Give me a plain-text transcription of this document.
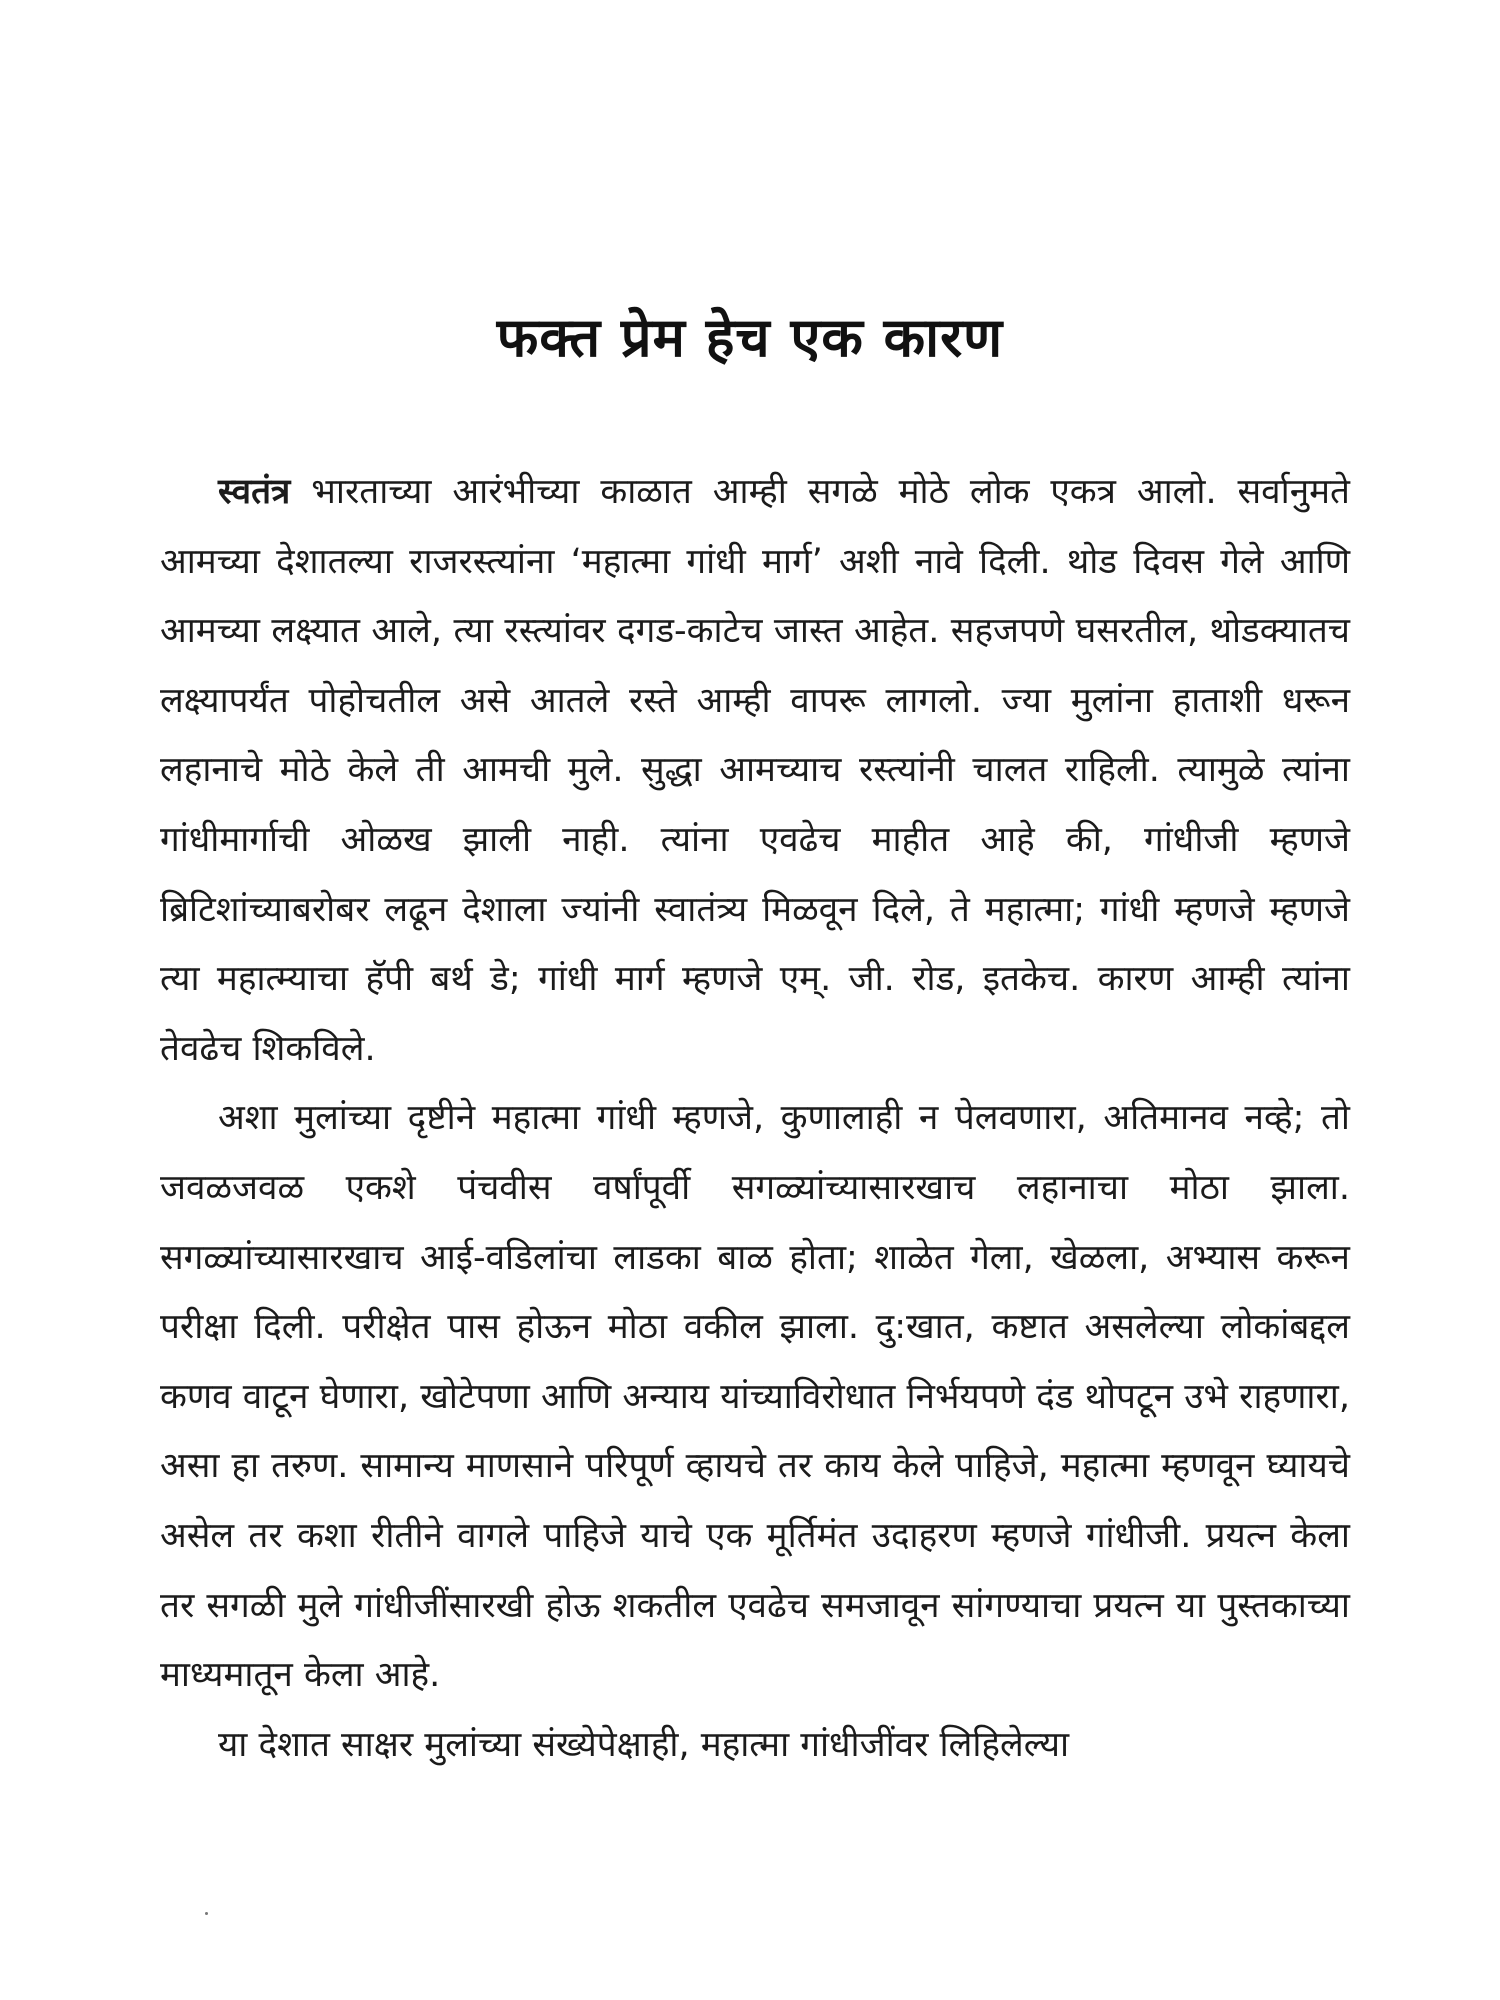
फक्त प्रेम हेच एक कारण

स्वतंत्र भारताच्या आरंभीच्या काळात आम्ही सगळे मोठे लोक एकत्र आलो. सर्वानुमते आमच्या देशातल्या राजरस्त्यांना ‘महात्मा गांधी मार्ग’ अशी नावे दिली. थोड दिवस गेले आणि आमच्या लक्ष्यात आले, त्या रस्त्यांवर दगड-काटेच जास्त आहेत. सहजपणे घसरतील, थोडक्यातच लक्ष्यापर्यंत पोहोचतील असे आतले रस्ते आम्ही वापरू लागलो. ज्या मुलांना हाताशी धरून लहानाचे मोठे केले ती आमची मुले. सुद्धा आमच्याच रस्त्यांनी चालत राहिली. त्यामुळे त्यांना गांधीमार्गाची ओळख झाली नाही. त्यांना एवढेच माहीत आहे की, गांधीजी म्हणजे ब्रिटिशांच्याबरोबर लढून देशाला ज्यांनी स्वातंत्र्य मिळवून दिले, ते महात्मा; गांधी म्हणजे म्हणजे त्या महात्म्याचा हॅपी बर्थ डे; गांधी मार्ग म्हणजे एम्. जी. रोड, इतकेच. कारण आम्ही त्यांना तेवढेच शिकविले.

अशा मुलांच्या दृष्टीने महात्मा गांधी म्हणजे, कुणालाही न पेलवणारा, अतिमानव नव्हे; तो जवळजवळ एकशे पंचवीस वर्षांपूर्वी सगळ्यांच्यासारखाच लहानाचा मोठा झाला. सगळ्यांच्यासारखाच आई-वडिलांचा लाडका बाळ होता; शाळेत गेला, खेळला, अभ्यास करून परीक्षा दिली. परीक्षेत पास होऊन मोठा वकील झाला. दु:खात, कष्टात असलेल्या लोकांबद्दल कणव वाटून घेणारा, खोटेपणा आणि अन्याय यांच्याविरोधात निर्भयपणे दंड थोपटून उभे राहणारा, असा हा तरुण. सामान्य माणसाने परिपूर्ण व्हायचे तर काय केले पाहिजे, महात्मा म्हणवून घ्यायचे असेल तर कशा रीतीने वागले पाहिजे याचे एक मूर्तिमंत उदाहरण म्हणजे गांधीजी. प्रयत्न केला तर सगळी मुले गांधीजींसारखी होऊ शकतील एवढेच समजावून सांगण्याचा प्रयत्न या पुस्तकाच्या माध्यमातून केला आहे.

या देशात साक्षर मुलांच्या संख्येपेक्षाही, महात्मा गांधीजींवर लिहिलेल्या
